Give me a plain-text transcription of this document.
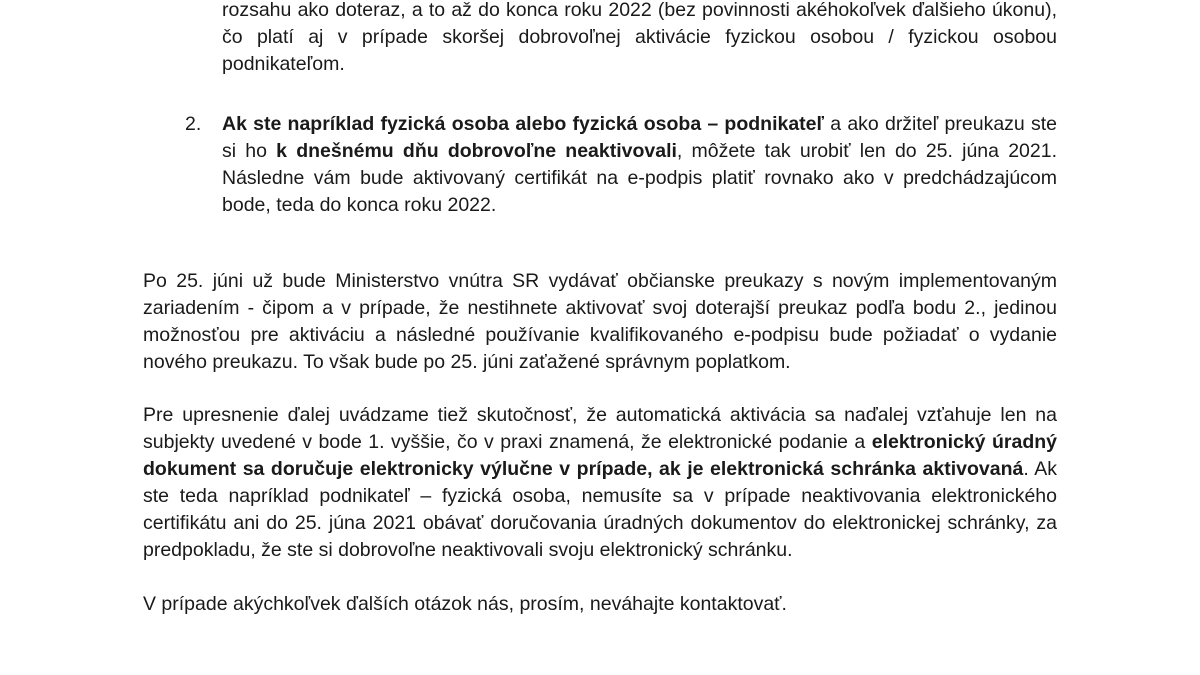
rozsahu ako doteraz, a to až do konca roku 2022 (bez povinnosti akéhokoľvek ďalšieho úkonu), čo platí aj v prípade skoršej dobrovoľnej aktivácie fyzickou osobou / fyzickou osobou podnikateľom.

2. Ak ste napríklad fyzická osoba alebo fyzická osoba – podnikateľ a ako držiteľ preukazu ste si ho k dnešnému dňu dobrovoľne neaktivovali, môžete tak urobiť len do 25. júna 2021. Následne vám bude aktivovaný certifikát na e-podpis platiť rovnako ako v predchádzajúcom bode, teda do konca roku 2022.

Po 25. júni už bude Ministerstvo vnútra SR vydávať občianske preukazy s novým implementovaným zariadením - čipom a v prípade, že nestihnete aktivovať svoj doterajší preukaz podľa bodu 2., jedinou možnosťou pre aktiváciu a následné používanie kvalifikovaného e-podpisu bude požiadať o vydanie nového preukazu. To však bude po 25. júni zaťažené správnym poplatkom.

Pre upresnenie ďalej uvádzame tiež skutočnosť, že automatická aktivácia sa naďalej vzťahuje len na subjekty uvedené v bode 1. vyššie, čo v praxi znamená, že elektronické podanie a elektronický úradný dokument sa doručuje elektronicky výlučne v prípade, ak je elektronická schránka aktivovaná. Ak ste teda napríklad podnikateľ – fyzická osoba, nemusíte sa v prípade neaktivovania elektronického certifikátu ani do 25. júna 2021 obávať doručovania úradných dokumentov do elektronickej schránky, za predpokladu, že ste si dobrovoľne neaktivovali svoju elektronický schránku.

V prípade akýchkoľvek ďalších otázok nás, prosím, neváhajte kontaktovať.
